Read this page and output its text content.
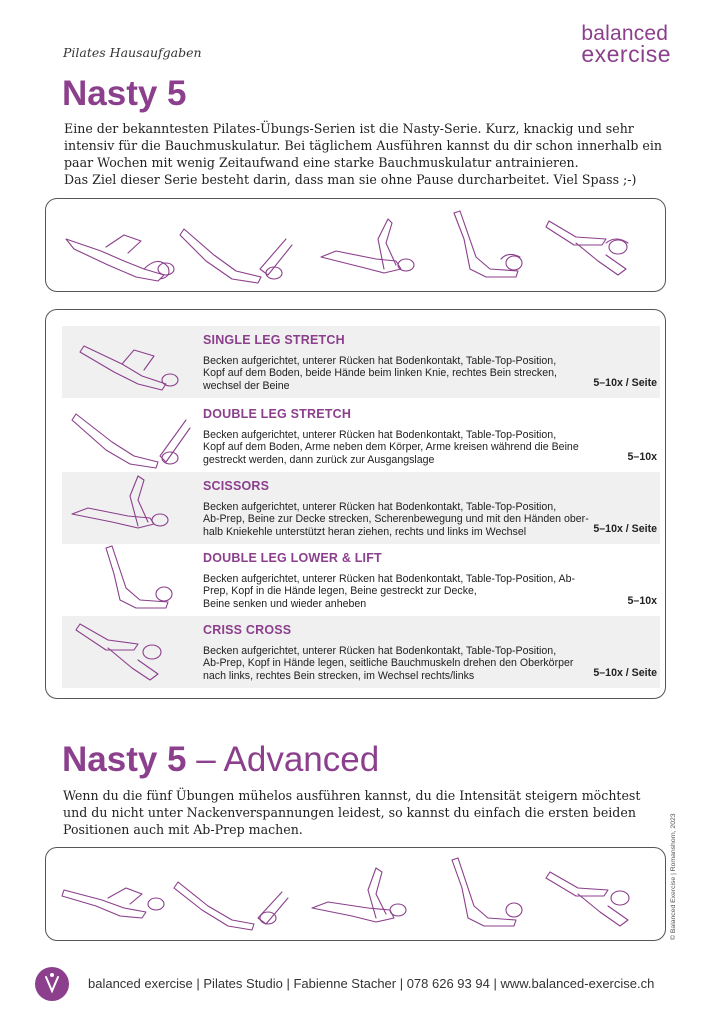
Pilates Hausaufgaben
balanced
exercise
Nasty 5

Eine der bekanntesten Pilates-Übungs-Serien ist die Nasty-Serie. Kurz, knackig und sehr intensiv für die Bauchmuskulatur. Bei täglichem Ausführen kannst du dir schon innerhalb ein paar Wochen mit wenig Zeitaufwand eine starke Bauchmuskulatur antrainieren.

Das Ziel dieser Serie besteht darin, dass man sie ohne Pause durcharbeitet. Viel Spass ;-)

SINGLE LEG STRETCH

Becken aufgerichtet, unterer Rücken hat Bodenkontakt, Table-Top-Position,

Kopf auf dem Boden, beide Hände beim linken Knie, rechtes Bein strecken,

wechsel der Beine	5–10x / Seite
DOUBLE LEG STRETCH

Becken aufgerichtet, unterer Rücken hat Bodenkontakt, Table-Top-Position,

Kopf auf dem Boden, Arme neben dem Körper, Arme kreisen während die Beine

gestreckt werden, dann zurück zur Ausgangslage	5–10x
SCISSORS

Becken aufgerichtet, unterer Rücken hat Bodenkontakt, Table-Top-Position,

Ab-Prep, Beine zur Decke strecken, Scherenbewegung und mit den Händen ober-

halb Kniekehle unterstützt heran ziehen, rechts und links im Wechsel	5–10x / Seite
DOUBLE LEG LOWER & LIFT

Becken aufgerichtet, unterer Rücken hat Bodenkontakt, Table-Top-Position, Ab-

Prep, Kopf in die Hände legen, Beine gestreckt zur Decke,

Beine senken und wieder anheben	5–10x
CRISS CROSS

Becken aufgerichtet, unterer Rücken hat Bodenkontakt, Table-Top-Position,

Ab-Prep, Kopf in Hände legen, seitliche Bauchmuskeln drehen den Oberkörper

nach links, rechtes Bein strecken, im Wechsel rechts/links	5–10x / Seite
Nasty 5 – Advanced

Wenn du die fünf Übungen mühelos ausführen kannst, du die Intensität steigern möchtest und du nicht unter Nackenverspannungen leidest, so kannst du einfach die ersten beiden Positionen auch mit Ab-Prep machen.	© Balanced Exercise | Romanshorn, 2023
balanced exercise | Pilates Studio | Fabienne Stacher | 078 626 93 94 | www.balanced-exercise.ch
